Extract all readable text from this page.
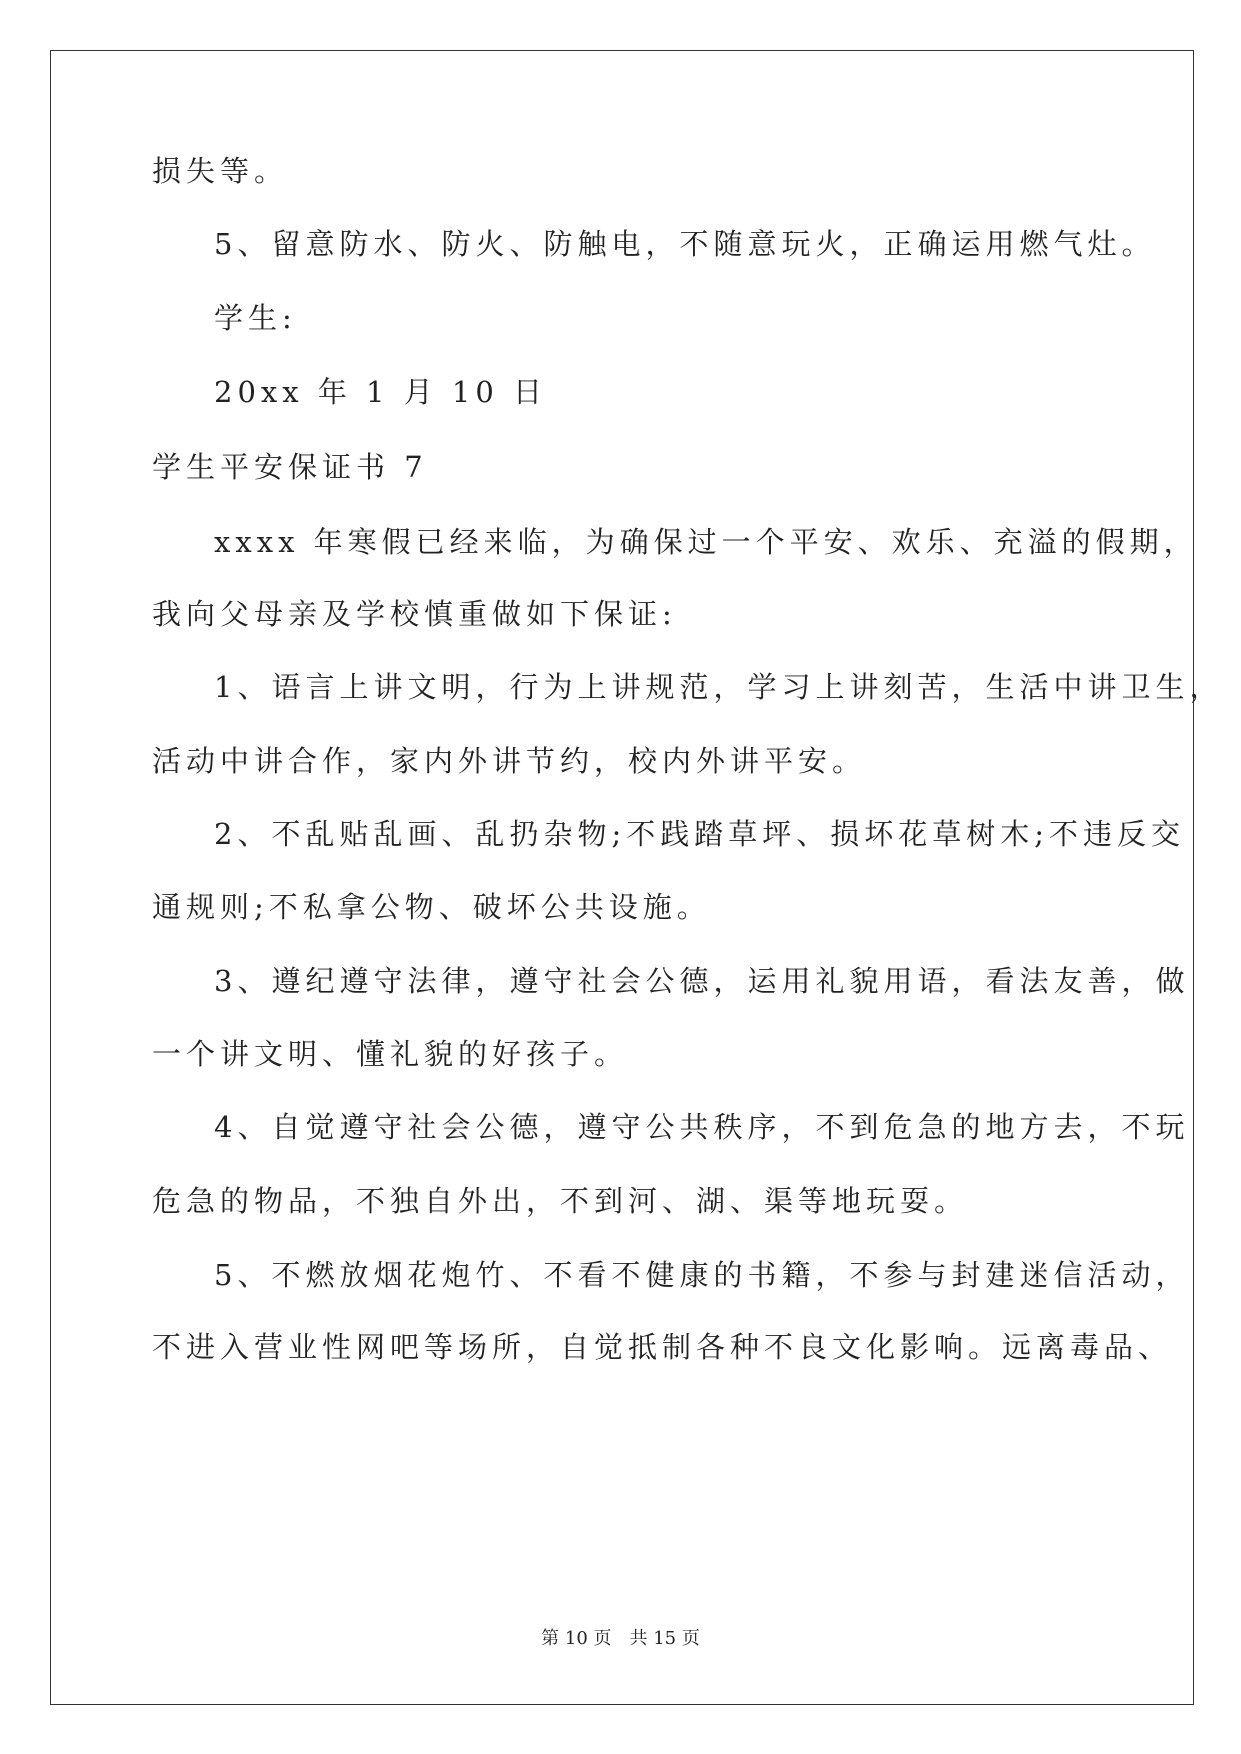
损失等。
5、留意防水、防火、防触电，不随意玩火，正确运用燃气灶。
学生:
20xx 年 1 月 10 日
学生平安保证书 7
xxxx 年寒假已经来临，为确保过一个平安、欢乐、充溢的假期，
我向父母亲及学校慎重做如下保证:
1、语言上讲文明，行为上讲规范，学习上讲刻苦，生活中讲卫生，
活动中讲合作，家内外讲节约，校内外讲平安。
2、不乱贴乱画、乱扔杂物;不践踏草坪、损坏花草树木;不违反交
通规则;不私拿公物、破坏公共设施。
3、遵纪遵守法律，遵守社会公德，运用礼貌用语，看法友善，做
一个讲文明、懂礼貌的好孩子。
4、自觉遵守社会公德，遵守公共秩序，不到危急的地方去，不玩
危急的物品，不独自外出，不到河、湖、渠等地玩耍。
5、不燃放烟花炮竹、不看不健康的书籍，不参与封建迷信活动，
不进入营业性网吧等场所，自觉抵制各种不良文化影响。远离毒品、
第 10 页 共 15 页
